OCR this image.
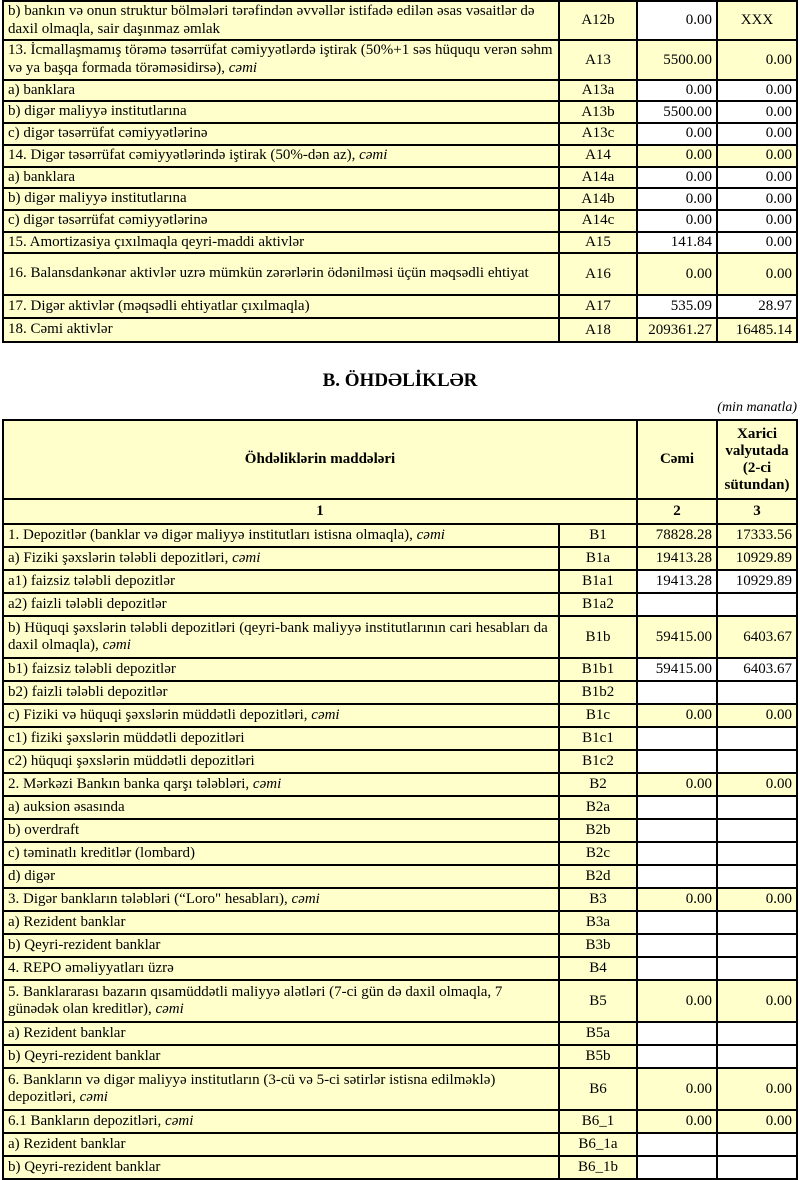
b) bankın və onun struktur bölmələri tərəfindən əvvəllər istifadə edilən əsas vəsaitlər də daxil olmaqla, sair daşınmaz əmlak	A12b	0.00	XXX
13. İcmallaşmamış törəmə təsərrüfat cəmiyyətlərdə iştirak (50%+1 səs hüququ verən səhm və ya başqa formada törəməsidirsə), cəmi	A13	5500.00	0.00
a) banklara	A13a	0.00	0.00
b) digər maliyyə institutlarına	A13b	5500.00	0.00
c) digər təsərrüfat cəmiyyətlərinə	A13c	0.00	0.00
14. Digər təsərrüfat cəmiyyətlərində iştirak (50%-dən az), cəmi	A14	0.00	0.00
a) banklara	A14a	0.00	0.00
b) digər maliyyə institutlarına	A14b	0.00	0.00
c) digər təsərrüfat cəmiyyətlərinə	A14c	0.00	0.00
15. Amortizasiya çıxılmaqla qeyri-maddi aktivlər	A15	141.84	0.00
16. Balansdankənar aktivlər uzrə mümkün zərərlərin ödənilməsi üçün məqsədli ehtiyat	A16	0.00	0.00
17. Digər aktivlər (məqsədli ehtiyatlar çıxılmaqla)	A17	535.09	28.97
18. Cəmi aktivlər	A18	209361.27	16485.14
B. ÖHDƏLİKLƏR
(min manatla)
Öhdəliklərin maddələri		Cəmi	Xarici valyutada (2-ci sütundan)
1		2	3
1. Depozitlər (banklar və digər maliyyə institutları istisna olmaqla), cəmi	B1	78828.28	17333.56
a) Fiziki şəxslərin tələbli depozitləri, cəmi	B1a	19413.28	10929.89
a1) faizsiz tələbli depozitlər	B1a1	19413.28	10929.89
a2) faizli tələbli depozitlər	B1a2		
b) Hüquqi şəxslərin tələbli depozitləri (qeyri-bank maliyyə institutlarının cari hesabları da daxil olmaqla), cəmi	B1b	59415.00	6403.67
b1) faizsiz tələbli depozitlər	B1b1	59415.00	6403.67
b2) faizli tələbli depozitlər	B1b2		
c) Fiziki və hüquqi şəxslərin müddətli depozitləri, cəmi	B1c	0.00	0.00
c1) fiziki şəxslərin müddətli depozitləri	B1c1		
c2) hüquqi şəxslərin müddətli depozitləri	B1c2		
2. Mərkəzi Bankın banka qarşı tələbləri, cəmi	B2	0.00	0.00
a) auksion əsasında	B2a		
b) overdraft	B2b		
c) təminatlı kreditlər (lombard)	B2c		
d) digər	B2d		
3. Digər bankların tələbləri (“Loro" hesabları), cəmi	B3	0.00	0.00
a) Rezident banklar	B3a		
b) Qeyri-rezident banklar	B3b		
4. REPO əməliyyatları üzrə	B4		
5. Banklararası bazarın qısamüddətli maliyyə alətləri (7-ci gün də daxil olmaqla, 7 günədək olan kreditlər), cəmi	B5	0.00	0.00
a) Rezident banklar	B5a		
b) Qeyri-rezident banklar	B5b		
6. Bankların və digər maliyyə institutların (3-cü və 5-ci sətirlər istisna edilməklə) depozitləri, cəmi	B6	0.00	0.00
6.1 Bankların depozitləri, cəmi	B6_1	0.00	0.00
a) Rezident banklar	B6_1a		
b) Qeyri-rezident banklar	B6_1b		
